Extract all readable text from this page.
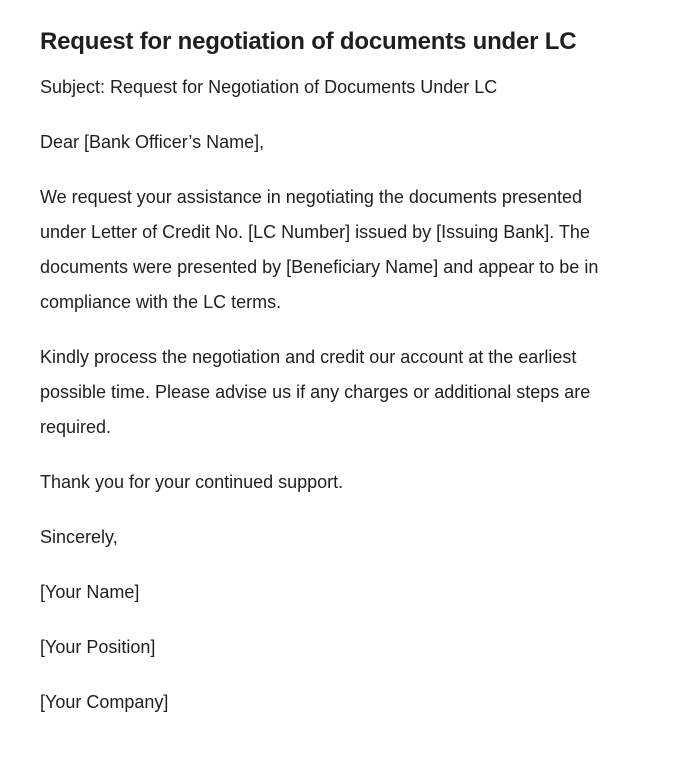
Request for negotiation of documents under LC

Subject: Request for Negotiation of Documents Under LC

Dear [Bank Officer’s Name],

We request your assistance in negotiating the documents presented under Letter of Credit No. [LC Number] issued by [Issuing Bank]. The documents were presented by [Beneficiary Name] and appear to be in compliance with the LC terms.

Kindly process the negotiation and credit our account at the earliest possible time. Please advise us if any charges or additional steps are required.

Thank you for your continued support.

Sincerely,

[Your Name]

[Your Position]

[Your Company]
